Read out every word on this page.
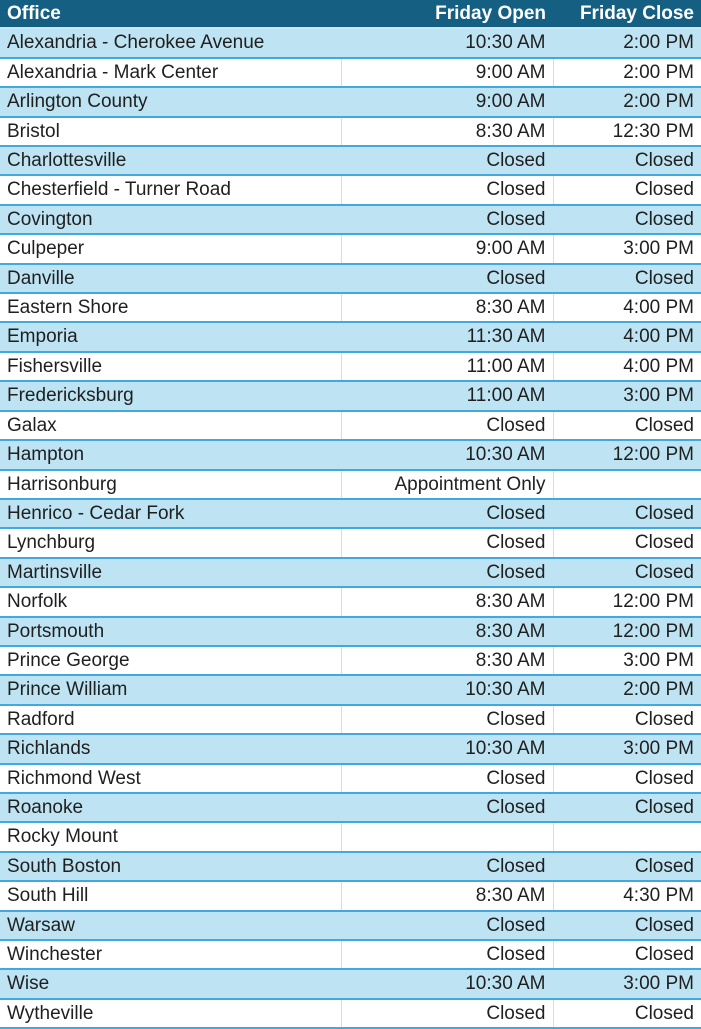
Office	Friday Open	Friday Close
Alexandria - Cherokee Avenue	10:30 AM	2:00 PM
Alexandria - Mark Center	9:00 AM	2:00 PM
Arlington County	9:00 AM	2:00 PM
Bristol	8:30 AM	12:30 PM
Charlottesville	Closed	Closed
Chesterfield - Turner Road	Closed	Closed
Covington	Closed	Closed
Culpeper	9:00 AM	3:00 PM
Danville	Closed	Closed
Eastern Shore	8:30 AM	4:00 PM
Emporia	11:30 AM	4:00 PM
Fishersville	11:00 AM	4:00 PM
Fredericksburg	11:00 AM	3:00 PM
Galax	Closed	Closed
Hampton	10:30 AM	12:00 PM
Harrisonburg	Appointment Only	
Henrico - Cedar Fork	Closed	Closed
Lynchburg	Closed	Closed
Martinsville	Closed	Closed
Norfolk	8:30 AM	12:00 PM
Portsmouth	8:30 AM	12:00 PM
Prince George	8:30 AM	3:00 PM
Prince William	10:30 AM	2:00 PM
Radford	Closed	Closed
Richlands	10:30 AM	3:00 PM
Richmond West	Closed	Closed
Roanoke	Closed	Closed
Rocky Mount		
South Boston	Closed	Closed
South Hill	8:30 AM	4:30 PM
Warsaw	Closed	Closed
Winchester	Closed	Closed
Wise	10:30 AM	3:00 PM
Wytheville	Closed	Closed
